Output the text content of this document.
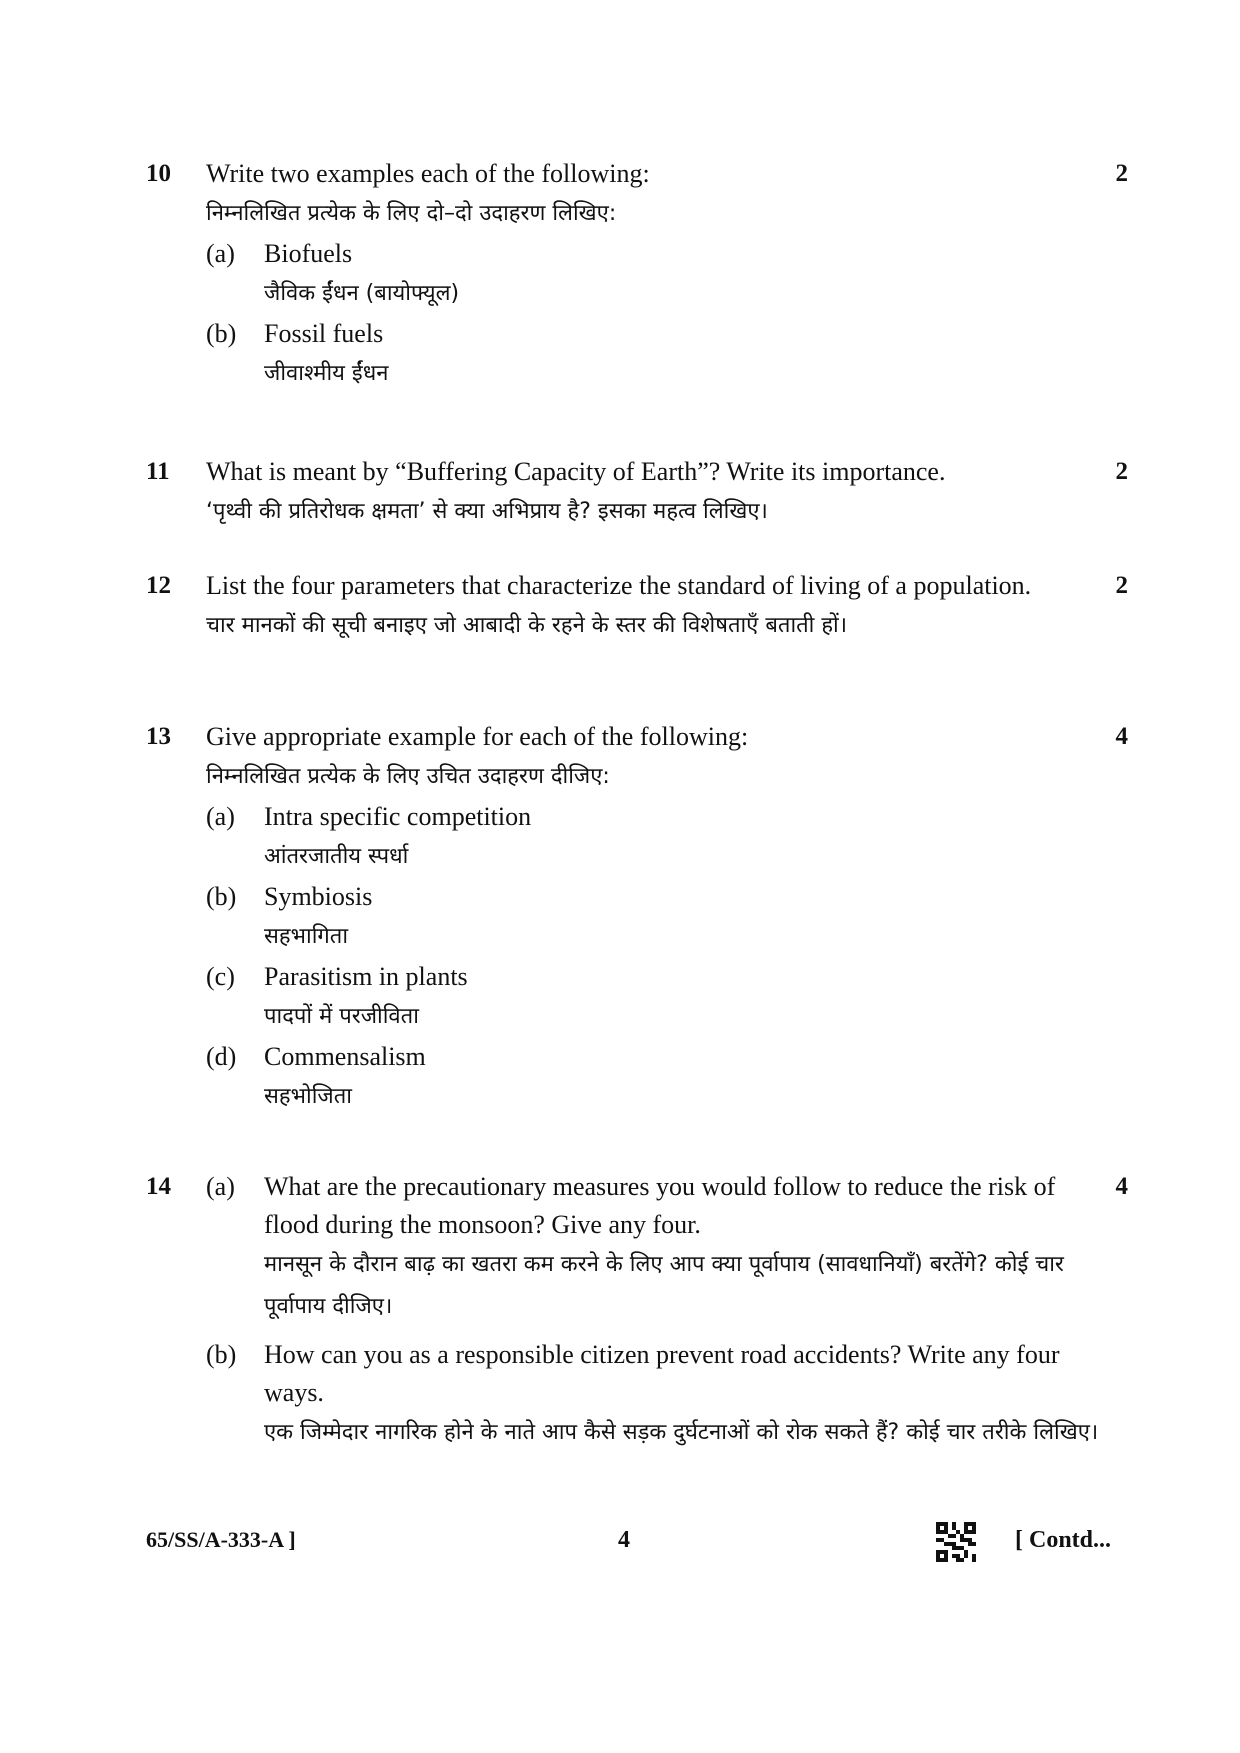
10	2

Write two examples each of the following:

निम्नलिखित प्रत्येक के लिए दो–दो उदाहरण लिखिए:

(a)	Biofuels

जैविक ईंधन (बायोफ्यूल)

(b)	Fossil fuels

जीवाश्मीय ईंधन

11	2

What is meant by “Buffering Capacity of Earth”? Write its importance.

‘पृथ्वी की प्रतिरोधक क्षमता’ से क्या अभिप्राय है? इसका महत्व लिखिए।

12	2

List the four parameters that characterize the standard of living of a population.

चार मानकों की सूची बनाइए जो आबादी के रहने के स्तर की विशेषताएँ बताती हों।

13	4

Give appropriate example for each of the following:

निम्नलिखित प्रत्येक के लिए उचित उदाहरण दीजिए:

(a)	Intra specific competition

आंतरजातीय स्पर्धा

(b)	Symbiosis

सहभागिता

(c)	Parasitism in plants

पादपों में परजीविता

(d)	Commensalism

सहभोजिता

14	4
(a)	What are the precautionary measures you would follow to reduce the risk of flood during the monsoon? Give any four.

मानसून के दौरान बाढ़ का खतरा कम करने के लिए आप क्या पूर्वापाय (सावधानियाँ) बरतेंगे? कोई चार पूर्वापाय दीजिए।

(b)	How can you as a responsible citizen prevent road accidents? Write any four ways.

एक जिम्मेदार नागरिक होने के नाते आप कैसे सड़क दुर्घटनाओं को रोक सकते हैं? कोई चार तरीके लिखिए।

65/SS/A-333-A ]	4	[ Contd...
